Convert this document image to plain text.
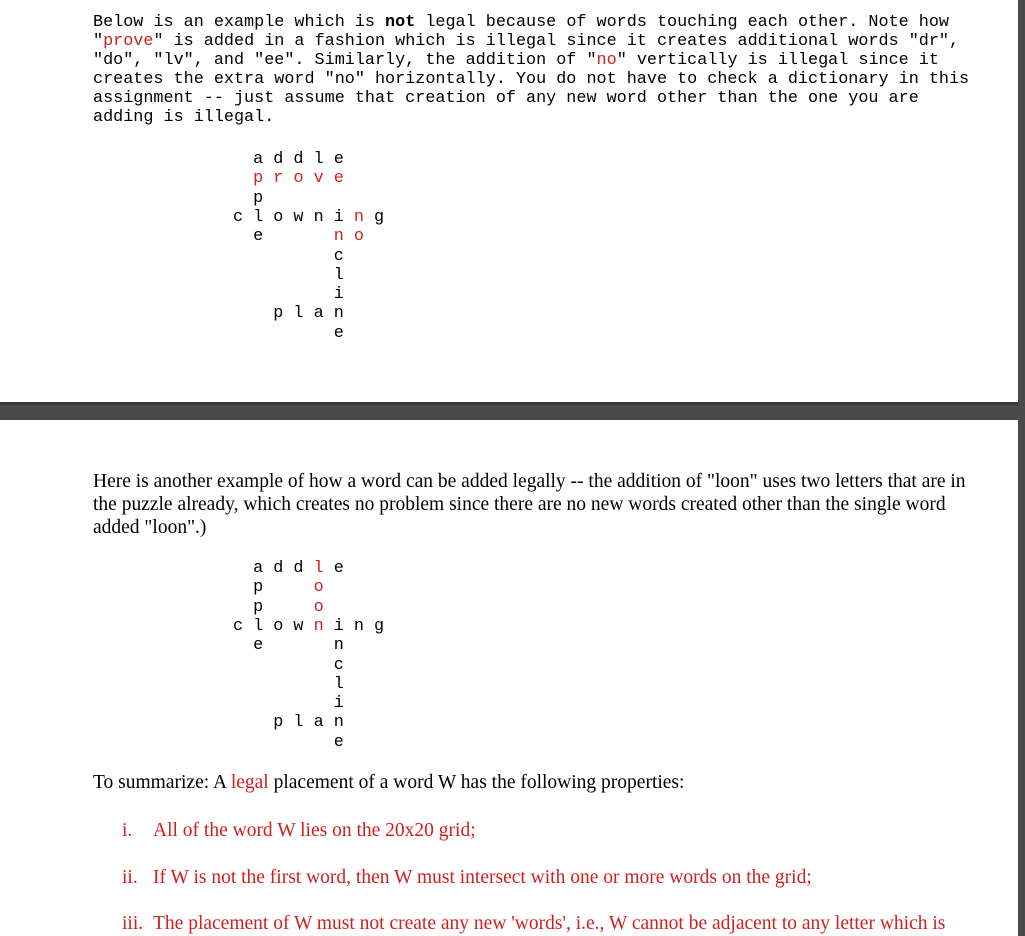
Below is an example which is not legal because of words touching each other. Note how
"prove" is added in a fashion which is illegal since it creates additional words "dr",
"do", "lv", and "ee". Similarly, the addition of "no" vertically is illegal since it
creates the extra word "no" horizontally. You do not have to check a dictionary in this
assignment -- just assume that creation of any new word other than the one you are
adding is illegal.

a d d l e
p r o v e
p
c l o w n i n g
e       n o
c
l
i
p l a n
e

Here is another example of how a word can be added legally -- the addition of "loon" uses two letters that are in the puzzle already, which creates no problem since there are no new words created other than the single word added "loon".)

a d d l e
p     o
p     o
c l o w n i n g
e       n
c
l
i
p l a n
e

To summarize: A legal placement of a word W has the following properties:

i. All of the word W lies on the 20x20 grid;

ii. If W is not the first word, then W must intersect with one or more words on the grid;

iii. The placement of W must not create any new 'words', i.e., W cannot be adjacent to any letter which is
